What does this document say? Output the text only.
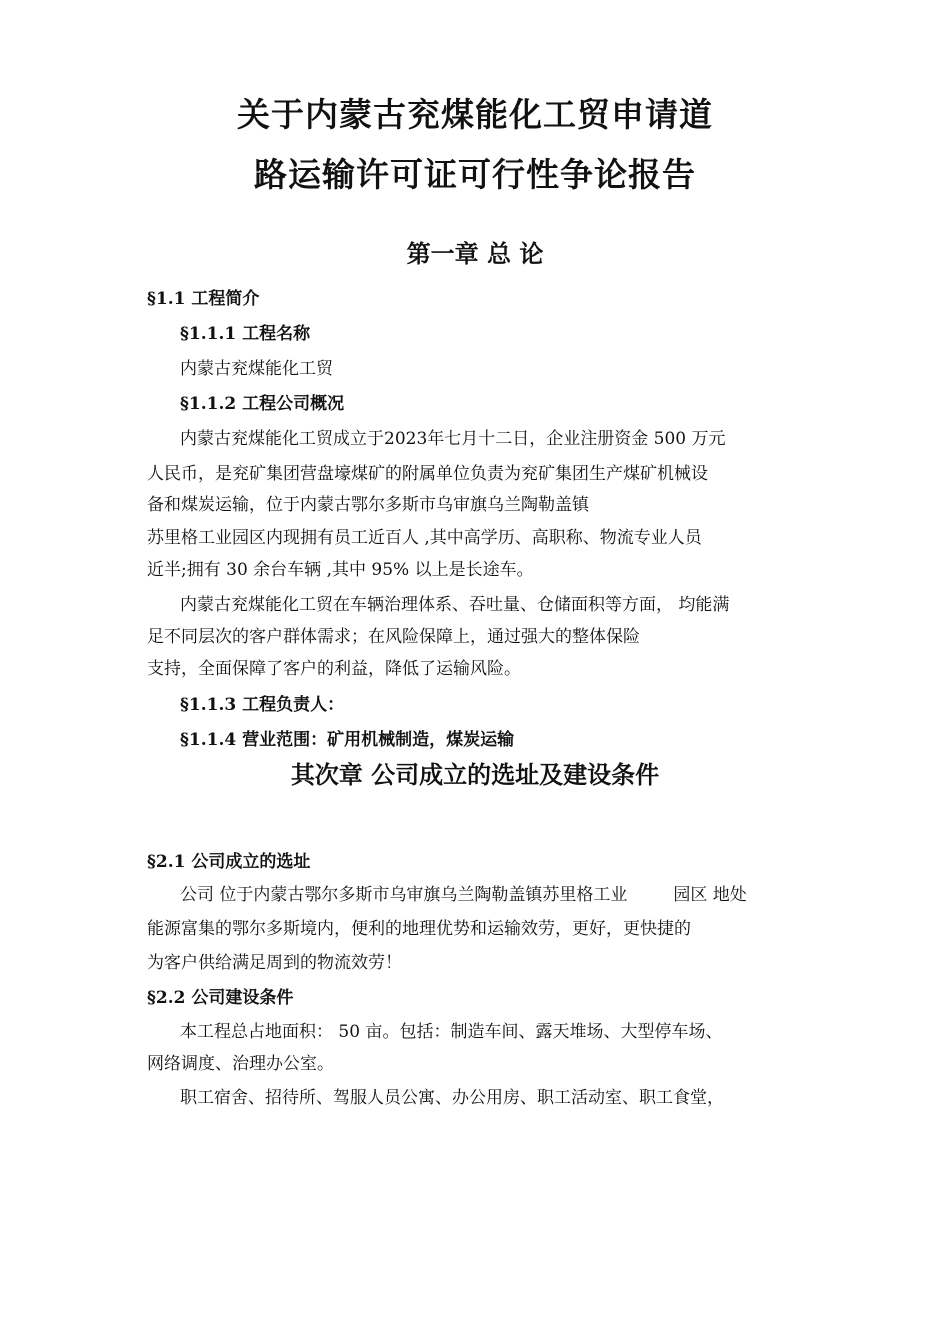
关于内蒙古兖煤能化工贸申请道
路运输许可证可行性争论报告
第一章 总 论
§1.1 工程简介
§1.1.1 工程名称
内蒙古兖煤能化工贸
§1.1.2 工程公司概况
内蒙古兖煤能化工贸成立于2023年七月十二日，企业注册资金 500 万元
人民币，是兖矿集团营盘壕煤矿的附属单位负责为兖矿集团生产煤矿机械设
备和煤炭运输，位于内蒙古鄂尔多斯市乌审旗乌兰陶勒盖镇
苏里格工业园区内现拥有员工近百人 ,其中高学历、高职称、物流专业人员
近半;拥有 30 余台车辆 ,其中 95% 以上是长途车。
内蒙古兖煤能化工贸在车辆治理体系、吞吐量、仓储面积等方面， 均能满
足不同层次的客户群体需求；在风险保障上，通过强大的整体保险
支持，全面保障了客户的利益，降低了运输风险。
§1.1.3 工程负责人：
§1.1.4 营业范围：矿用机械制造，煤炭运输
其次章 公司成立的选址及建设条件
§2.1 公司成立的选址
公司 位于内蒙古鄂尔多斯市乌审旗乌兰陶勒盖镇苏里格工业	园区 地处
能源富集的鄂尔多斯境内，便利的地理优势和运输效劳，更好，更快捷的
为客户供给满足周到的物流效劳！
§2.2 公司建设条件
本工程总占地面积： 50 亩。包括：制造车间、露天堆场、大型停车场、
网络调度、治理办公室。
职工宿舍、招待所、驾服人员公寓、办公用房、职工活动室、职工食堂，
